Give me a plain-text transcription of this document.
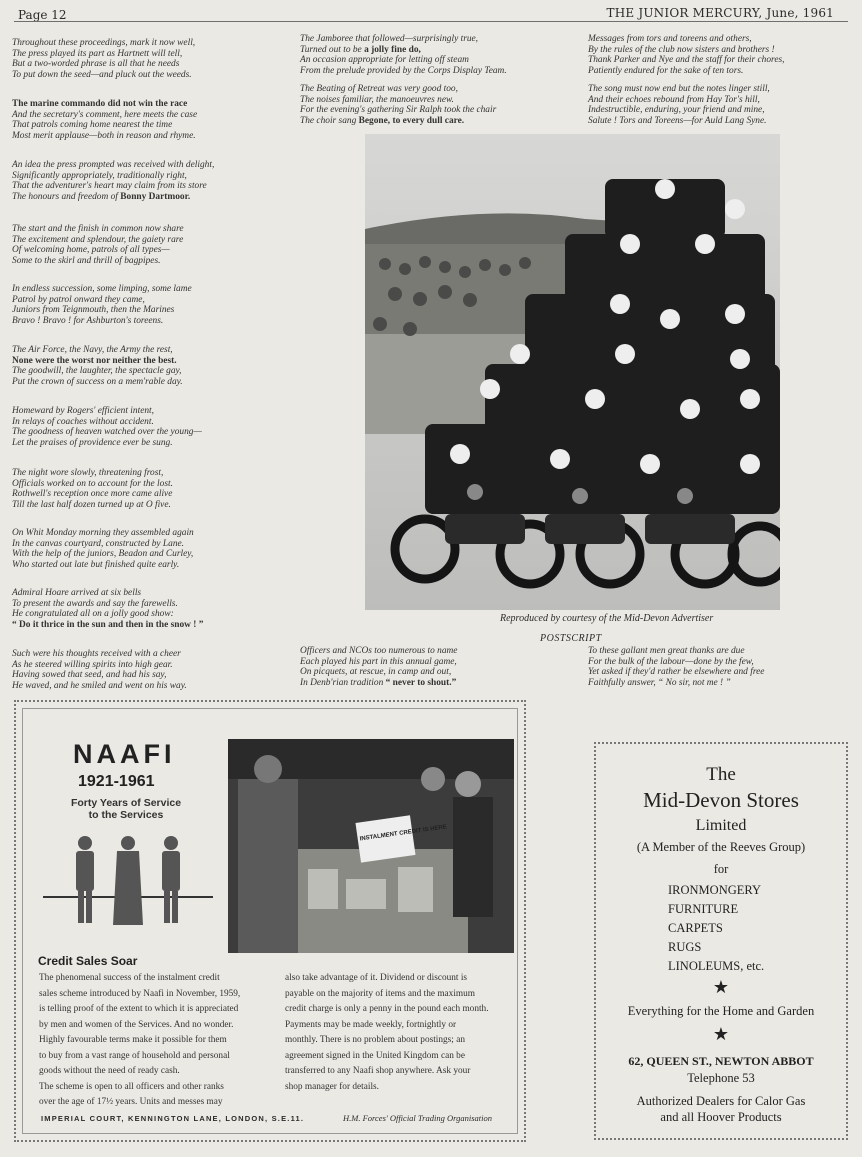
Page 12	THE JUNIOR MERCURY, June, 1961
Throughout these proceedings, mark it now well,
The press played its part as Hartnett will tell,
But a two-worded phrase is all that he needs
To put down the seed—and pluck out the weeds.
The marine commando did not win the race
And the secretary's comment, here meets the case
That patrols coming home nearest the time
Most merit applause—both in reason and rhyme.
An idea the press prompted was received with delight,
Significantly appropriately, traditionally right,
That the adventurer's heart may claim from its store
The honours and freedom of Bonny Dartmoor.
The start and the finish in common now share
The excitement and splendour, the gaiety rare
Of welcoming home, patrols of all types—
Some to the skirl and thrill of bagpipes.
In endless succession, some limping, some lame
Patrol by patrol onward they came,
Juniors from Teignmouth, then the Marines
Bravo ! Bravo ! for Ashburton's toreens.
The Air Force, the Navy, the Army the rest,
None were the worst nor neither the best.
The goodwill, the laughter, the spectacle gay,
Put the crown of success on a mem'rable day.
Homeward by Rogers' efficient intent,
In relays of coaches without accident.
The goodness of heaven watched over the young—
Let the praises of providence ever be sung.
The night wore slowly, threatening frost,
Officials worked on to account for the lost.
Rothwell's reception once more came alive
Till the last half dozen turned up at O five.
On Whit Monday morning they assembled again
In the canvas courtyard, constructed by Lane.
With the help of the juniors, Beadon and Curley,
Who started out late but finished quite early.
Admiral Hoare arrived at six bells
To present the awards and say the farewells.
He congratulated all on a jolly good show:
“ Do it thrice in the sun and then in the snow ! ”
Such were his thoughts received with a cheer
As he steered willing spirits into high gear.
Having sowed that seed, and had his say,
He waved, and he smiled and went on his way.
The Jamboree that followed—surprisingly true,
Turned out to be a jolly fine do,
An occasion appropriate for letting off steam
From the prelude provided by the Corps Display Team.
The Beating of Retreat was very good too,
The noises familiar, the manoeuvres new.
For the evening's gathering Sir Ralph took the chair
The choir sang Begone, to every dull care.
Messages from tors and toreens and others,
By the rules of the club now sisters and brothers !
Thank Parker and Nye and the staff for their chores,
Patiently endured for the sake of ten tors.
The song must now end but the notes linger still,
And their echoes rebound from Hay Tor's hill,
Indestructible, enduring, your friend and mine,
Salute ! Tors and Toreens—for Auld Lang Syne.
Reproduced by courtesy of the Mid-Devon Advertiser
POSTSCRIPT
Officers and NCOs too numerous to name
Each played his part in this annual game,
On picquets, at rescue, in camp and out,
In Denb'rian tradition “ never to shout.”
To these gallant men great thanks are due
For the bulk of the labour—done by the few,
Yet asked if they'd rather be elsewhere and free
Faithfully answer, “ No sir, not me ! ”
NAAFI
1921-1961
Forty Years of Service
to the Services
INSTALMENT CREDIT IS HERE
Credit Sales Soar
The phenomenal success of the instalment credit
sales scheme introduced by Naafi in November, 1959,
is telling proof of the extent to which it is appreciated
by men and women of the Services. And no wonder.
Highly favourable terms make it possible for them
to buy from a vast range of household and personal
goods without the need of ready cash.
The scheme is open to all officers and other ranks
over the age of 17½ years. Units and messes may
also take advantage of it. Dividend or discount is
payable on the majority of items and the maximum
credit charge is only a penny in the pound each month.
Payments may be made weekly, fortnightly or
monthly. There is no problem about postings; an
agreement signed in the United Kingdom can be
transferred to any Naafi shop anywhere. Ask your
shop manager for details.
IMPERIAL COURT, KENNINGTON LANE, LONDON, S.E.11.	H.M. Forces' Official Trading Organisation
The
Mid-Devon Stores
Limited
(A Member of the Reeves Group)
for
IRONMONGERY
FURNITURE
CARPETS
RUGS
LINOLEUMS, etc.
★
Everything for the Home and Garden
★
62, QUEEN ST., NEWTON ABBOT
Telephone 53
Authorized Dealers for Calor Gas
and all Hoover Products
